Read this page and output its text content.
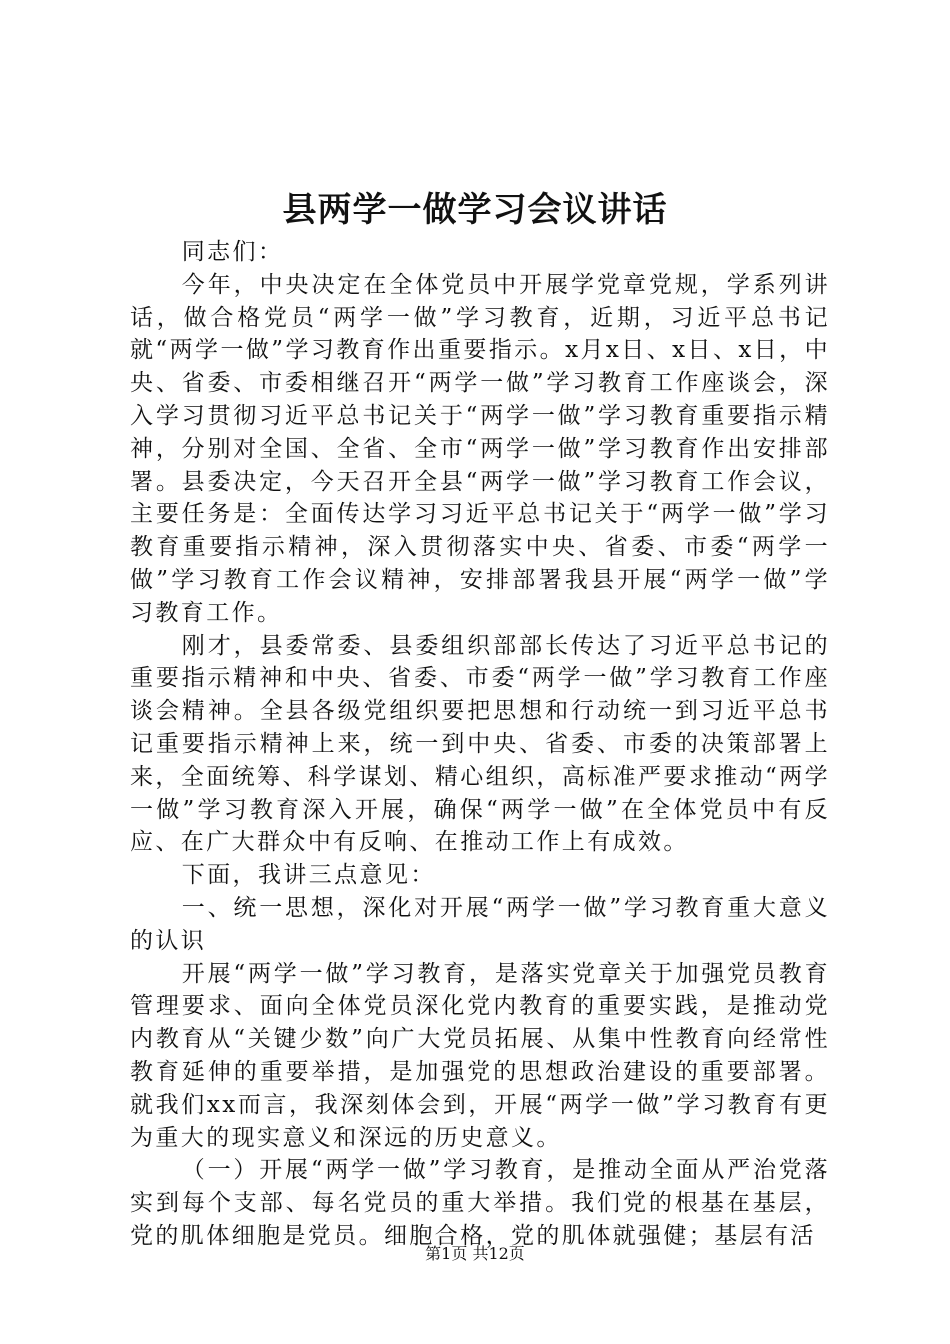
县两学一做学习会议讲话

同志们：

今年，中央决定在全体党员中开展学党章党规，学系列讲话，做合格党员“两学一做”学习教育，近期，习近平总书记就“两学一做”学习教育作出重要指示。x月x日、x日、x日，中央、省委、市委相继召开“两学一做”学习教育工作座谈会，深入学习贯彻习近平总书记关于“两学一做”学习教育重要指示精神，分别对全国、全省、全市“两学一做”学习教育作出安排部署。县委决定，今天召开全县“两学一做”学习教育工作会议，主要任务是：全面传达学习习近平总书记关于“两学一做”学习教育重要指示精神，深入贯彻落实中央、省委、市委“两学一做”学习教育工作会议精神，安排部署我县开展“两学一做”学习教育工作。

刚才，县委常委、县委组织部部长传达了习近平总书记的重要指示精神和中央、省委、市委“两学一做”学习教育工作座谈会精神。全县各级党组织要把思想和行动统一到习近平总书记重要指示精神上来，统一到中央、省委、市委的决策部署上来，全面统筹、科学谋划、精心组织，高标准严要求推动“两学一做”学习教育深入开展，确保“两学一做”在全体党员中有反应、在广大群众中有反响、在推动工作上有成效。

下面，我讲三点意见：

一、统一思想，深化对开展“两学一做”学习教育重大意义的认识

开展“两学一做”学习教育，是落实党章关于加强党员教育管理要求、面向全体党员深化党内教育的重要实践，是推动党内教育从“关键少数”向广大党员拓展、从集中性教育向经常性教育延伸的重要举措，是加强党的思想政治建设的重要部署。就我们xx而言，我深刻体会到，开展“两学一做”学习教育有更为重大的现实意义和深远的历史意义。

（一）开展“两学一做”学习教育，是推动全面从严治党落实到每个支部、每名党员的重大举措。我们党的根基在基层，党的肌体细胞是党员。细胞合格，党的肌体就强健；基层有活

第1页 共12页
